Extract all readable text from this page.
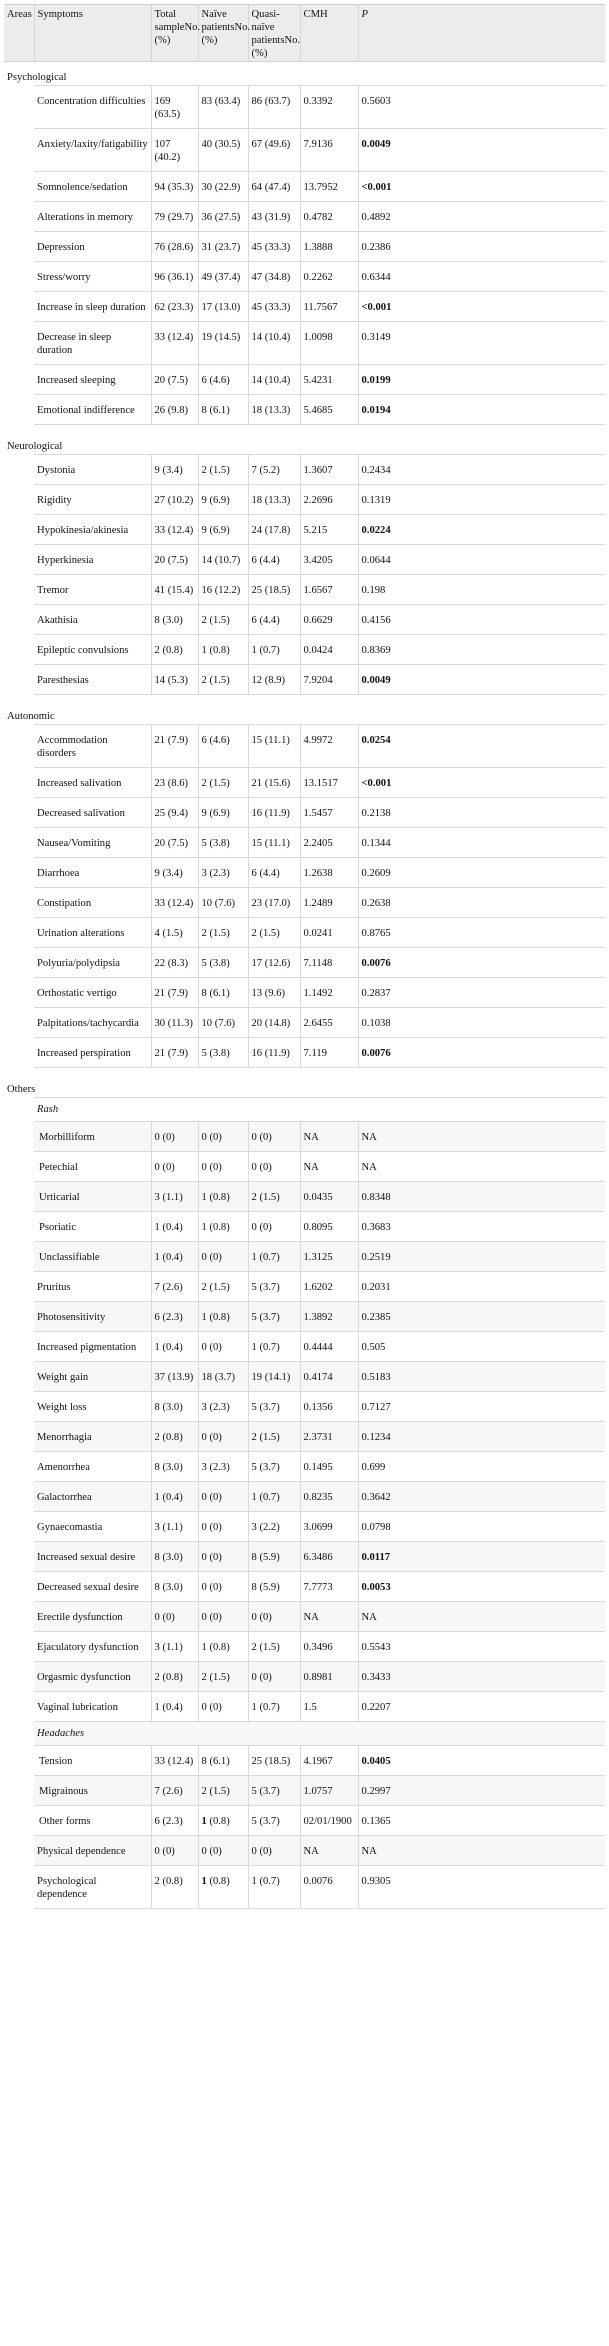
Areas	Symptoms	Total sampleNo. (%)	Naïve patientsNo. (%)	Quasi-naïve patientsNo. (%)	CMH	P
Psychological						
	Concentration difficulties	169 (63.5)	83 (63.4)	86 (63.7)	0.3392	0.5603
	Anxiety/laxity/fatigability	107 (40.2)	40 (30.5)	67 (49.6)	7.9136	0.0049
	Somnolence/sedation	94 (35.3)	30 (22.9)	64 (47.4)	13.7952	<0.001
	Alterations in memory	79 (29.7)	36 (27.5)	43 (31.9)	0.4782	0.4892
	Depression	76 (28.6)	31 (23.7)	45 (33.3)	1.3888	0.2386
	Stress/worry	96 (36.1)	49 (37.4)	47 (34.8)	0.2262	0.6344
	Increase in sleep duration	62 (23.3)	17 (13.0)	45 (33.3)	11.7567	<0.001
	Decrease in sleep duration	33 (12.4)	19 (14.5)	14 (10.4)	1.0098	0.3149
	Increased sleeping	20 (7.5)	6 (4.6)	14 (10.4)	5.4231	0.0199
	Emotional indifference	26 (9.8)	8 (6.1)	18 (13.3)	5.4685	0.0194

Neurological						
	Dystonia	9 (3.4)	2 (1.5)	7 (5.2)	1.3607	0.2434
	Rigidity	27 (10.2)	9 (6.9)	18 (13.3)	2.2696	0.1319
	Hypokinesia/akinesia	33 (12.4)	9 (6.9)	24 (17.8)	5.215	0.0224
	Hyperkinesia	20 (7.5)	14 (10.7)	6 (4.4)	3.4205	0.0644
	Tremor	41 (15.4)	16 (12.2)	25 (18.5)	1.6567	0.198
	Akathisia	8 (3.0)	2 (1.5)	6 (4.4)	0.6629	0.4156
	Epileptic convulsions	2 (0.8)	1 (0.8)	1 (0.7)	0.0424	0.8369
	Paresthesias	14 (5.3)	2 (1.5)	12 (8.9)	7.9204	0.0049

Autonomic						
	Accommodation disorders	21 (7.9)	6 (4.6)	15 (11.1)	4.9972	0.0254
	Increased salivation	23 (8.6)	2 (1.5)	21 (15.6)	13.1517	<0.001
	Decreased salivation	25 (9.4)	9 (6.9)	16 (11.9)	1.5457	0.2138
	Nausea/Vomiting	20 (7.5)	5 (3.8)	15 (11.1)	2.2405	0.1344
	Diarrhoea	9 (3.4)	3 (2.3)	6 (4.4)	1.2638	0.2609
	Constipation	33 (12.4)	10 (7.6)	23 (17.0)	1.2489	0.2638
	Urination alterations	4 (1.5)	2 (1.5)	2 (1.5)	0.0241	0.8765
	Polyuria/polydipsia	22 (8.3)	5 (3.8)	17 (12.6)	7.1148	0.0076
	Orthostatic vertigo	21 (7.9)	8 (6.1)	13 (9.6)	1.1492	0.2837
	Palpitations/tachycardia	30 (11.3)	10 (7.6)	20 (14.8)	2.6455	0.1038
	Increased perspiration	21 (7.9)	5 (3.8)	16 (11.9)	7.119	0.0076

Others						
	Rash					
	Morbilliform	0 (0)	0 (0)	0 (0)	NA	NA
	Petechial	0 (0)	0 (0)	0 (0)	NA	NA
	Urticarial	3 (1.1)	1 (0.8)	2 (1.5)	0.0435	0.8348
	Psoriatic	1 (0.4)	1 (0.8)	0 (0)	0.8095	0.3683
	Unclassifiable	1 (0.4)	0 (0)	1 (0.7)	1.3125	0.2519
	Pruritus	7 (2.6)	2 (1.5)	5 (3.7)	1.6202	0.2031
	Photosensitivity	6 (2.3)	1 (0.8)	5 (3.7)	1.3892	0.2385
	Increased pigmentation	1 (0.4)	0 (0)	1 (0.7)	0.4444	0.505
	Weight gain	37 (13.9)	18 (3.7)	19 (14.1)	0.4174	0.5183
	Weight loss	8 (3.0)	3 (2.3)	5 (3.7)	0.1356	0.7127
	Menorrhagia	2 (0.8)	0 (0)	2 (1.5)	2.3731	0.1234
	Amenorrhea	8 (3.0)	3 (2.3)	5 (3.7)	0.1495	0.699
	Galactorrhea	1 (0.4)	0 (0)	1 (0.7)	0.8235	0.3642
	Gynaecomastia	3 (1.1)	0 (0)	3 (2.2)	3.0699	0.0798
	Increased sexual desire	8 (3.0)	0 (0)	8 (5.9)	6.3486	0.0117
	Decreased sexual desire	8 (3.0)	0 (0)	8 (5.9)	7.7773	0.0053
	Erectile dysfunction	0 (0)	0 (0)	0 (0)	NA	NA
	Ejaculatory dysfunction	3 (1.1)	1 (0.8)	2 (1.5)	0.3496	0.5543
	Orgasmic dysfunction	2 (0.8)	2 (1.5)	0 (0)	0.8981	0.3433
	Vaginal lubrication	1 (0.4)	0 (0)	1 (0.7)	1.5	0.2207
	Headaches					
	Tension	33 (12.4)	8 (6.1)	25 (18.5)	4.1967	0.0405
	Migrainous	7 (2.6)	2 (1.5)	5 (3.7)	1.0757	0.2997
	Other forms	6 (2.3)	1 (0.8)	5 (3.7)	02/01/1900	0.1365
	Physical dependence	0 (0)	0 (0)	0 (0)	NA	NA
	Psychological dependence	2 (0.8)	1 (0.8)	1 (0.7)	0.0076	0.9305
